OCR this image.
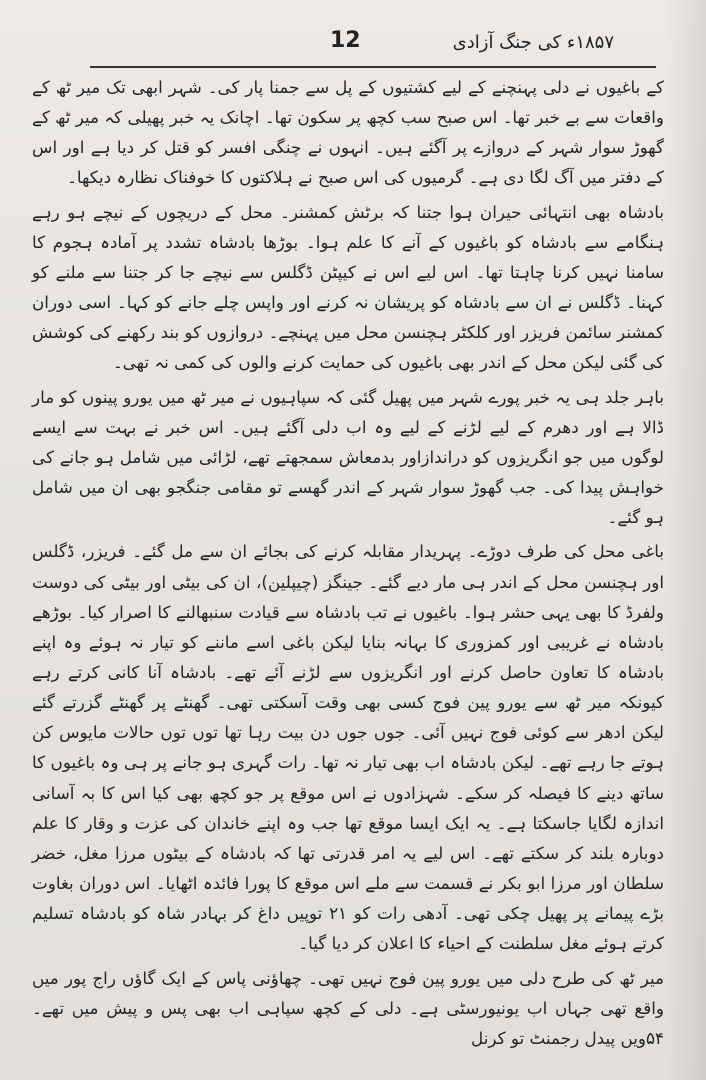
12	۱۸۵۷ء کی جنگ آزادی

کے باغیوں نے دلی پہنچنے کے لیے کشتیوں کے پل سے جمنا پار کی۔ شہر ابھی تک میر ٹھ کے واقعات سے بے خبر تھا۔ اس صبح سب کچھ پر سکون تھا۔ اچانک یہ خبر پھیلی کہ میر ٹھ کے گھوڑ سوار شہر کے دروازے پر آگئے ہیں۔ انہوں نے چنگی افسر کو قتل کر دیا ہے اور اس کے دفتر میں آگ لگا دی ہے۔ گرمیوں کی اس صبح نے ہلاکتوں کا خوفناک نظارہ دیکھا۔

بادشاہ بھی انتہائی حیران ہوا جتنا کہ برٹش کمشنر۔ محل کے دریچوں کے نیچے ہو رہے ہنگامے سے بادشاہ کو باغیوں کے آنے کا علم ہوا۔ بوڑھا بادشاہ تشدد پر آمادہ ہجوم کا سامنا نہیں کرنا چاہتا تھا۔ اس لیے اس نے کیپٹن ڈگلس سے نیچے جا کر جتنا سے ملنے کو کہنا۔ ڈگلس نے ان سے بادشاہ کو پریشان نہ کرنے اور واپس چلے جانے کو کہا۔ اسی دوران کمشنر سائمن فریزر اور کلکٹر ہچنسن محل میں پہنچے۔ دروازوں کو بند رکھنے کی کوشش کی گئی لیکن محل کے اندر بھی باغیوں کی حمایت کرنے والوں کی کمی نہ تھی۔

باہر جلد ہی یہ خبر پورے شہر میں پھیل گئی کہ سپاہیوں نے میر ٹھ میں یورو پینوں کو مار ڈالا ہے اور دھرم کے لیے لڑنے کے لیے وہ اب دلی آگئے ہیں۔ اس خبر نے بہت سے ایسے لوگوں میں جو انگریزوں کو دراندازاور بدمعاش سمجھتے تھے، لڑائی میں شامل ہو جانے کی خواہش پیدا کی۔ جب گھوڑ سوار شہر کے اندر گھسے تو مقامی جنگجو بھی ان میں شامل ہو گئے۔

باغی محل کی طرف دوڑے۔ پہریدار مقابلہ کرنے کی بجائے ان سے مل گئے۔ فریزر، ڈگلس اور ہچنسن محل کے اندر ہی مار دیے گئے۔ جینگز (چیپلین)، ان کی بیٹی اور بیٹی کی دوست ولفرڈ کا بھی یہی حشر ہوا۔ باغیوں نے تب بادشاہ سے قیادت سنبھالنے کا اصرار کیا۔ بوڑھے بادشاہ نے غریبی اور کمزوری کا بہانہ بنایا لیکن باغی اسے ماننے کو تیار نہ ہوئے وہ اپنے بادشاہ کا تعاون حاصل کرنے اور انگریزوں سے لڑنے آئے تھے۔ بادشاہ آنا کانی کرتے رہے کیونکہ میر ٹھ سے یورو پین فوج کسی بھی وقت آسکتی تھی۔ گھنٹے پر گھنٹے گزرتے گئے لیکن ادھر سے کوئی فوج نہیں آئی۔ جوں جوں دن بیت رہا تھا توں توں حالات مایوس کن ہوتے جا رہے تھے۔ لیکن بادشاہ اب بھی تیار نہ تھا۔ رات گہری ہو جانے پر ہی وہ باغیوں کا ساتھ دینے کا فیصلہ کر سکے۔ شہزادوں نے اس موقع پر جو کچھ بھی کیا اس کا بہ آسانی اندازہ لگایا جاسکتا ہے۔ یہ ایک ایسا موقع تھا جب وہ اپنے خاندان کی عزت و وقار کا علم دوبارہ بلند کر سکتے تھے۔ اس لیے یہ امر قدرتی تھا کہ بادشاہ کے بیٹوں مرزا مغل، خضر سلطان اور مرزا ابو بکر نے قسمت سے ملے اس موقع کا پورا فائدہ اٹھایا۔ اس دوران بغاوت بڑے پیمانے پر پھیل چکی تھی۔ آدھی رات کو ۲۱ توپیں داغ کر بہادر شاہ کو بادشاہ تسلیم کرتے ہوئے مغل سلطنت کے احیاء کا اعلان کر دیا گیا۔

میر ٹھ کی طرح دلی میں یورو پین فوج نہیں تھی۔ چھاؤنی پاس کے ایک گاؤں راج پور میں واقع تھی جہاں اب یونیورسٹی ہے۔ دلی کے کچھ سپاہی اب بھی پس و پیش میں تھے۔ ۵۴ویں پیدل رجمنٹ تو کرنل
